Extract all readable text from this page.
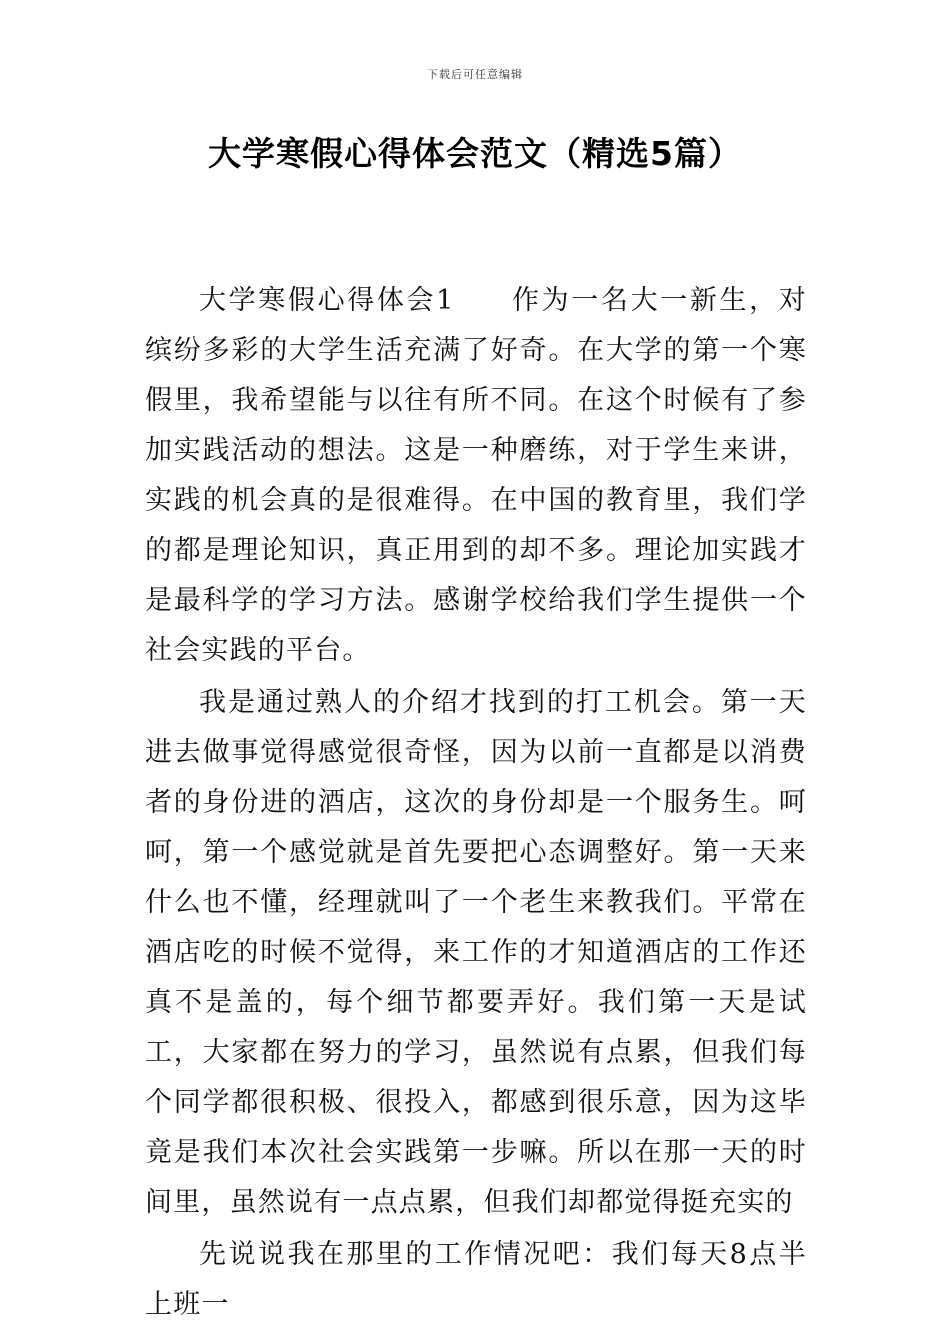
下载后可任意编辑
大学寒假心得体会范文（精选5篇）

大学寒假心得体会1 作为一名大一新生，对缤纷多彩的大学生活充满了好奇。在大学的第一个寒假里，我希望能与以往有所不同。在这个时候有了参加实践活动的想法。这是一种磨练，对于学生来讲，实践的机会真的是很难得。在中国的教育里，我们学的都是理论知识，真正用到的却不多。理论加实践才是最科学的学习方法。感谢学校给我们学生提供一个社会实践的平台。

我是通过熟人的介绍才找到的打工机会。第一天进去做事觉得感觉很奇怪，因为以前一直都是以消费者的身份进的酒店，这次的身份却是一个服务生。呵呵，第一个感觉就是首先要把心态调整好。第一天来什么也不懂，经理就叫了一个老生来教我们。平常在酒店吃的时候不觉得，来工作的才知道酒店的工作还真不是盖的，每个细节都要弄好。我们第一天是试工，大家都在努力的学习，虽然说有点累，但我们每个同学都很积极、很投入，都感到很乐意，因为这毕竟是我们本次社会实践第一步嘛。所以在那一天的时间里，虽然说有一点点累，但我们却都觉得挺充实的

先说说我在那里的工作情况吧：我们每天8点半上班一
